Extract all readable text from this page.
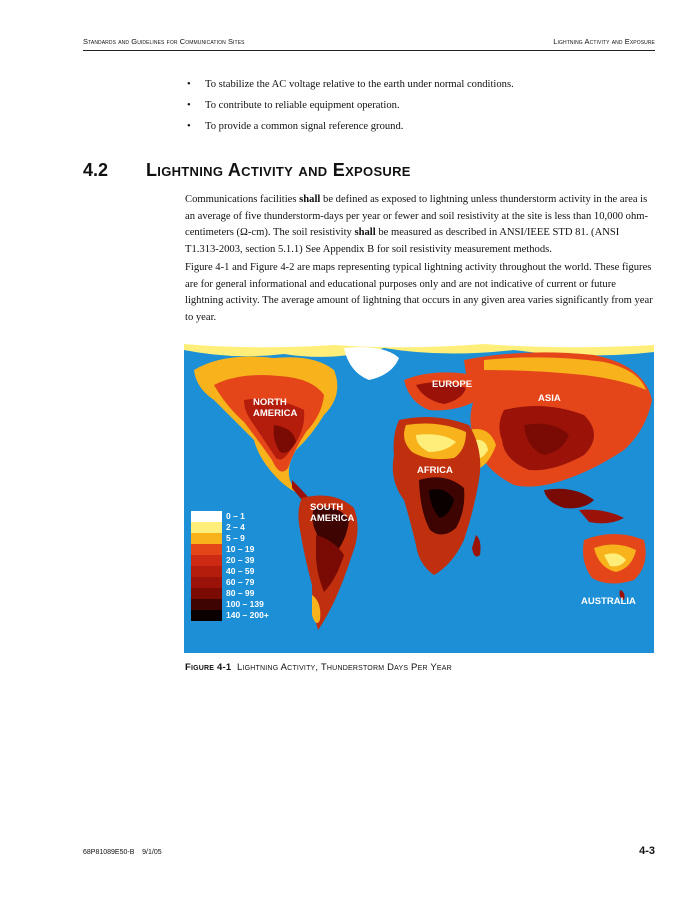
Standards and Guidelines for Communication Sites	Lightning Activity and Exposure
• To stabilize the AC voltage relative to the earth under normal conditions.
• To contribute to reliable equipment operation.
• To provide a common signal reference ground.
4.2 Lightning Activity and Exposure

Communications facilities shall be defined as exposed to lightning unless thunderstorm activity in the area is an average of five thunderstorm-days per year or fewer and soil resistivity at the site is less than 10,000 ohm-centimeters (Ω-cm). The soil resistivity shall be measured as described in ANSI/IEEE STD 81. (ANSI T1.313-2003, section 5.1.1) See Appendix B for soil resistivity measurement methods.

Figure 4-1 and Figure 4-2 are maps representing typical lightning activity throughout the world. These figures are for general informational and educational purposes only and are not indicative of current or future lightning activity. The average amount of lightning that occurs in any given area varies significantly from year to year.

NORTH
AMERICA
EUROPE
ASIA
AFRICA
SOUTH
AMERICA
AUSTRALIA
0 – 1
2 – 4
5 – 9
10 – 19
20 – 39
40 – 59
60 – 79
80 – 99
100 – 139
140 – 200+
Figure 4-1 Lightning Activity, Thunderstorm Days Per Year
68P81089E50-B    9/1/05	4-3
